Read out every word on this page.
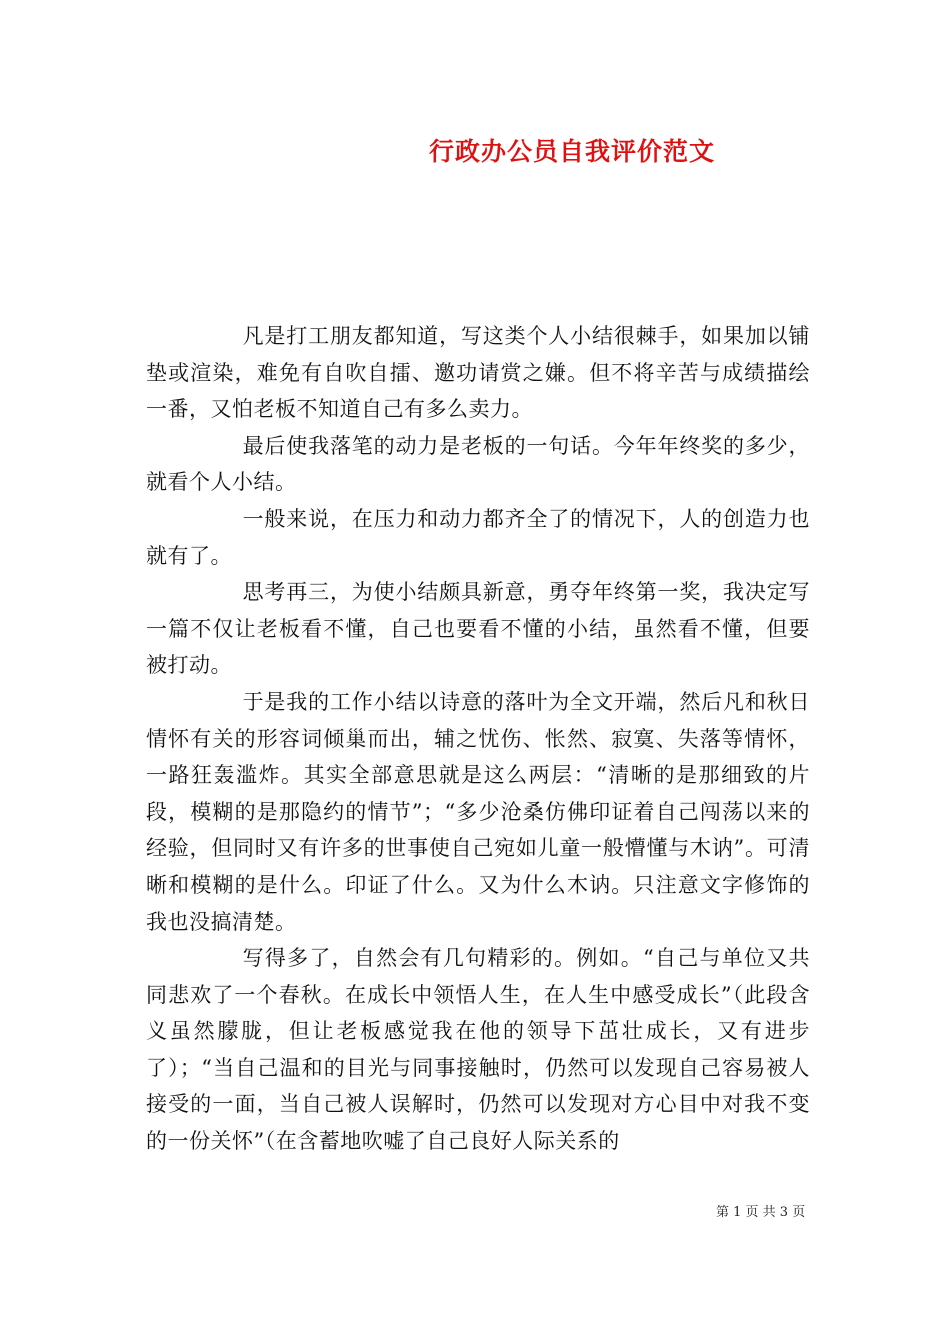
行政办公员自我评价范文

凡是打工朋友都知道，写这类个人小结很棘手，如果加以铺垫或渲染，难免有自吹自擂、邀功请赏之嫌。但不将辛苦与成绩描绘一番，又怕老板不知道自己有多么卖力。

最后使我落笔的动力是老板的一句话。今年年终奖的多少，就看个人小结。

一般来说，在压力和动力都齐全了的情况下，人的创造力也就有了。

思考再三，为使小结颇具新意，勇夺年终第一奖，我决定写一篇不仅让老板看不懂，自己也要看不懂的小结，虽然看不懂，但要被打动。

于是我的工作小结以诗意的落叶为全文开端，然后凡和秋日情怀有关的形容词倾巢而出，辅之忧伤、怅然、寂寞、失落等情怀，一路狂轰滥炸。其实全部意思就是这么两层：“清晰的是那细致的片段，模糊的是那隐约的情节”；“多少沧桑仿佛印证着自己闯荡以来的经验，但同时又有许多的世事使自己宛如儿童一般懵懂与木讷”。可清晰和模糊的是什么。印证了什么。又为什么木讷。只注意文字修饰的我也没搞清楚。

写得多了，自然会有几句精彩的。例如。“自己与单位又共同悲欢了一个春秋。在成长中领悟人生，在人生中感受成长”（此段含义虽然朦胧，但让老板感觉我在他的领导下茁壮成长，又有进步了）；“当自己温和的目光与同事接触时，仍然可以发现自己容易被人接受的一面，当自己被人误解时，仍然可以发现对方心目中对我不变的一份关怀”（在含蓄地吹嘘了自己良好人际关系的

第 1 页 共 3 页
